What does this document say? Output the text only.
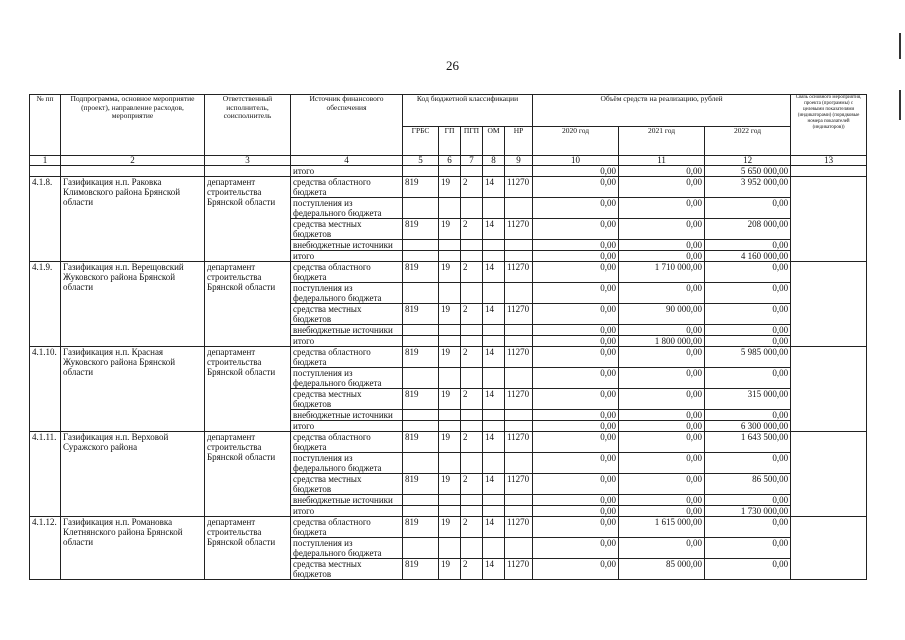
26
№ пп	Подпрограмма, основное мероприятие (проект), направление расходов, мероприятие	Ответственный исполнитель, соисполнитель	Источник финансового обеспечения	Код бюджетной классификации					Объём средств на реализацию, рублей			Связь основного мероприятия, проекта (программы) с целевыми показателями (индикаторами) (порядковые номера показателей (индикаторов))
				ГРБС	ГП	ПГП	ОМ	НР	2020 год	2021 год	2022 год	
1	2	3	4	5	6	7	8	9	10	11	12	13
			итого						0,00	0,00	5 650 000,00	
4.1.8.	Газификация н.п. Раковка Климовского района Брянской области	департамент строительства Брянской области	средства областного бюджета	819	19	2	14	11270	0,00	0,00	3 952 000,00	
			поступления из федерального бюджета						0,00	0,00	0,00	
			средства местных бюджетов	819	19	2	14	11270	0,00	0,00	208 000,00	
			внебюджетные источники						0,00	0,00	0,00	
			итого						0,00	0,00	4 160 000,00	
4.1.9.	Газификация н.п. Верещовский Жуковского района Брянской области	департамент строительства Брянской области	средства областного бюджета	819	19	2	14	11270	0,00	1 710 000,00	0,00	
			поступления из федерального бюджета						0,00	0,00	0,00	
			средства местных бюджетов	819	19	2	14	11270	0,00	90 000,00	0,00	
			внебюджетные источники						0,00	0,00	0,00	
			итого						0,00	1 800 000,00	0,00	
4.1.10.	Газификация н.п. Красная Жуковского района Брянской области	департамент строительства Брянской области	средства областного бюджета	819	19	2	14	11270	0,00	0,00	5 985 000,00	
			поступления из федерального бюджета						0,00	0,00	0,00	
			средства местных бюджетов	819	19	2	14	11270	0,00	0,00	315 000,00	
			внебюджетные источники						0,00	0,00	0,00	
			итого						0,00	0,00	6 300 000,00	
4.1.11.	Газификация н.п. Верховой Суражского района	департамент строительства Брянской области	средства областного бюджета	819	19	2	14	11270	0,00	0,00	1 643 500,00	
			поступления из федерального бюджета						0,00	0,00	0,00	
			средства местных бюджетов	819	19	2	14	11270	0,00	0,00	86 500,00	
			внебюджетные источники						0,00	0,00	0,00	
			итого						0,00	0,00	1 730 000,00	
4.1.12.	Газификация н.п. Романовка Клетнянского района Брянской области	департамент строительства Брянской области	средства областного бюджета	819	19	2	14	11270	0,00	1 615 000,00	0,00	
			поступления из федерального бюджета						0,00	0,00	0,00	
			средства местных бюджетов	819	19	2	14	11270	0,00	85 000,00	0,00	
